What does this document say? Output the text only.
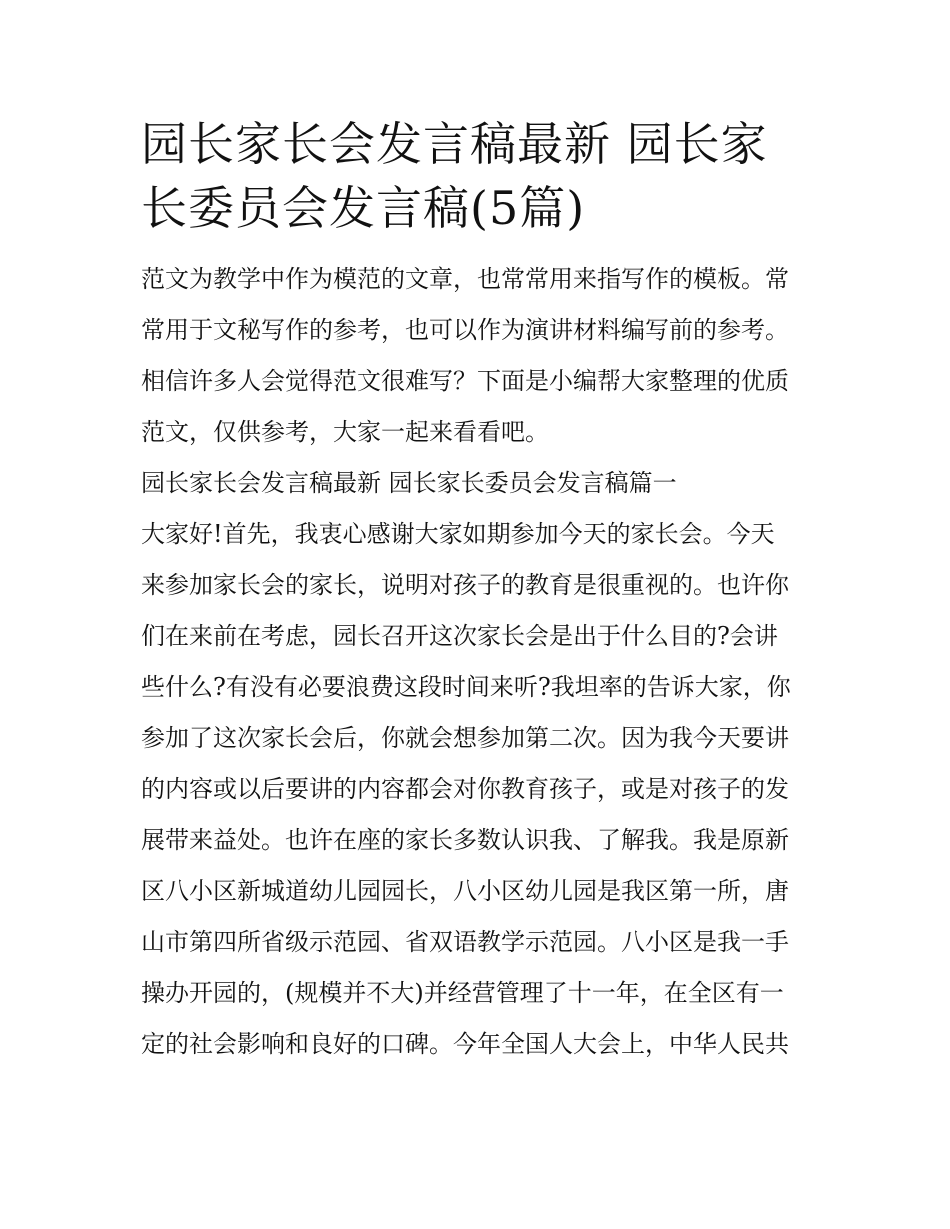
园长家长会发言稿最新 园长家
长委员会发言稿(5篇)
范文为教学中作为模范的文章，也常常用来指写作的模板。常
常用于文秘写作的参考，也可以作为演讲材料编写前的参考。
相信许多人会觉得范文很难写？下面是小编帮大家整理的优质
范文，仅供参考，大家一起来看看吧。
园长家长会发言稿最新 园长家长委员会发言稿篇一
大家好!首先，我衷心感谢大家如期参加今天的家长会。今天
来参加家长会的家长，说明对孩子的教育是很重视的。也许你
们在来前在考虑，园长召开这次家长会是出于什么目的?会讲
些什么?有没有必要浪费这段时间来听?我坦率的告诉大家，你
参加了这次家长会后，你就会想参加第二次。因为我今天要讲
的内容或以后要讲的内容都会对你教育孩子，或是对孩子的发
展带来益处。也许在座的家长多数认识我、了解我。我是原新
区八小区新城道幼儿园园长，八小区幼儿园是我区第一所，唐
山市第四所省级示范园、省双语教学示范园。八小区是我一手
操办开园的，(规模并不大)并经营管理了十一年，在全区有一
定的社会影响和良好的口碑。今年全国人大会上，中华人民共
